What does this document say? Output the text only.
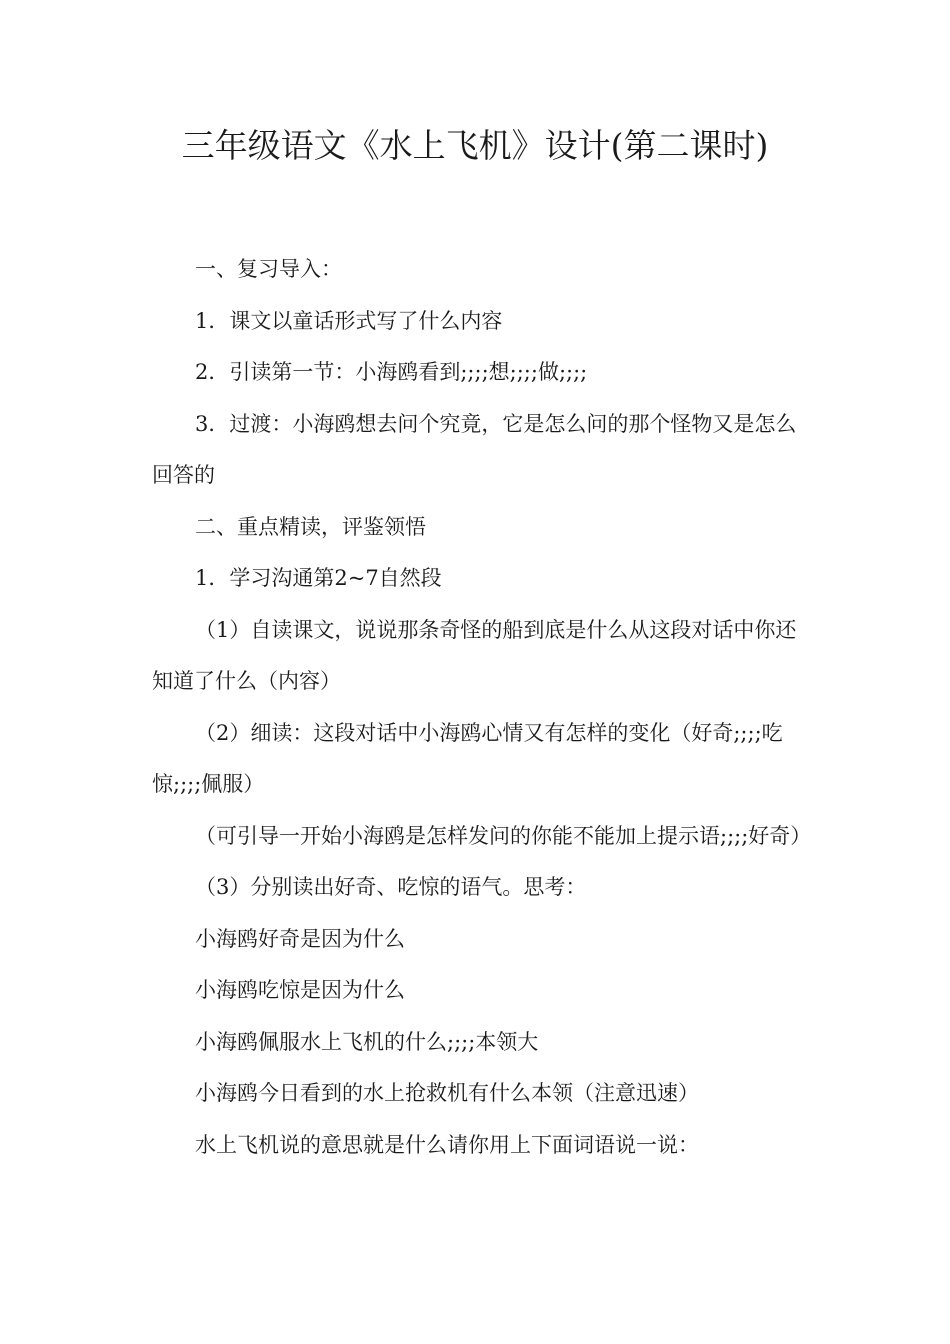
三年级语文《水上飞机》设计(第二课时)

一、复习导入：

1．课文以童话形式写了什么内容

2．引读第一节：小海鸥看到;;;;想;;;;做;;;;

3．过渡：小海鸥想去问个究竟，它是怎么问的那个怪物又是怎么回答的

二、重点精读，评鉴领悟

1．学习沟通第2~7自然段

（1）自读课文，说说那条奇怪的船到底是什么从这段对话中你还知道了什么（内容）

（2）细读：这段对话中小海鸥心情又有怎样的变化（好奇;;;;吃惊;;;;佩服）

（可引导一开始小海鸥是怎样发问的你能不能加上提示语;;;;好奇）

（3）分别读出好奇、吃惊的语气。思考：

小海鸥好奇是因为什么

小海鸥吃惊是因为什么

小海鸥佩服水上飞机的什么;;;;本领大

小海鸥今日看到的水上抢救机有什么本领（注意迅速）

水上飞机说的意思就是什么请你用上下面词语说一说：
